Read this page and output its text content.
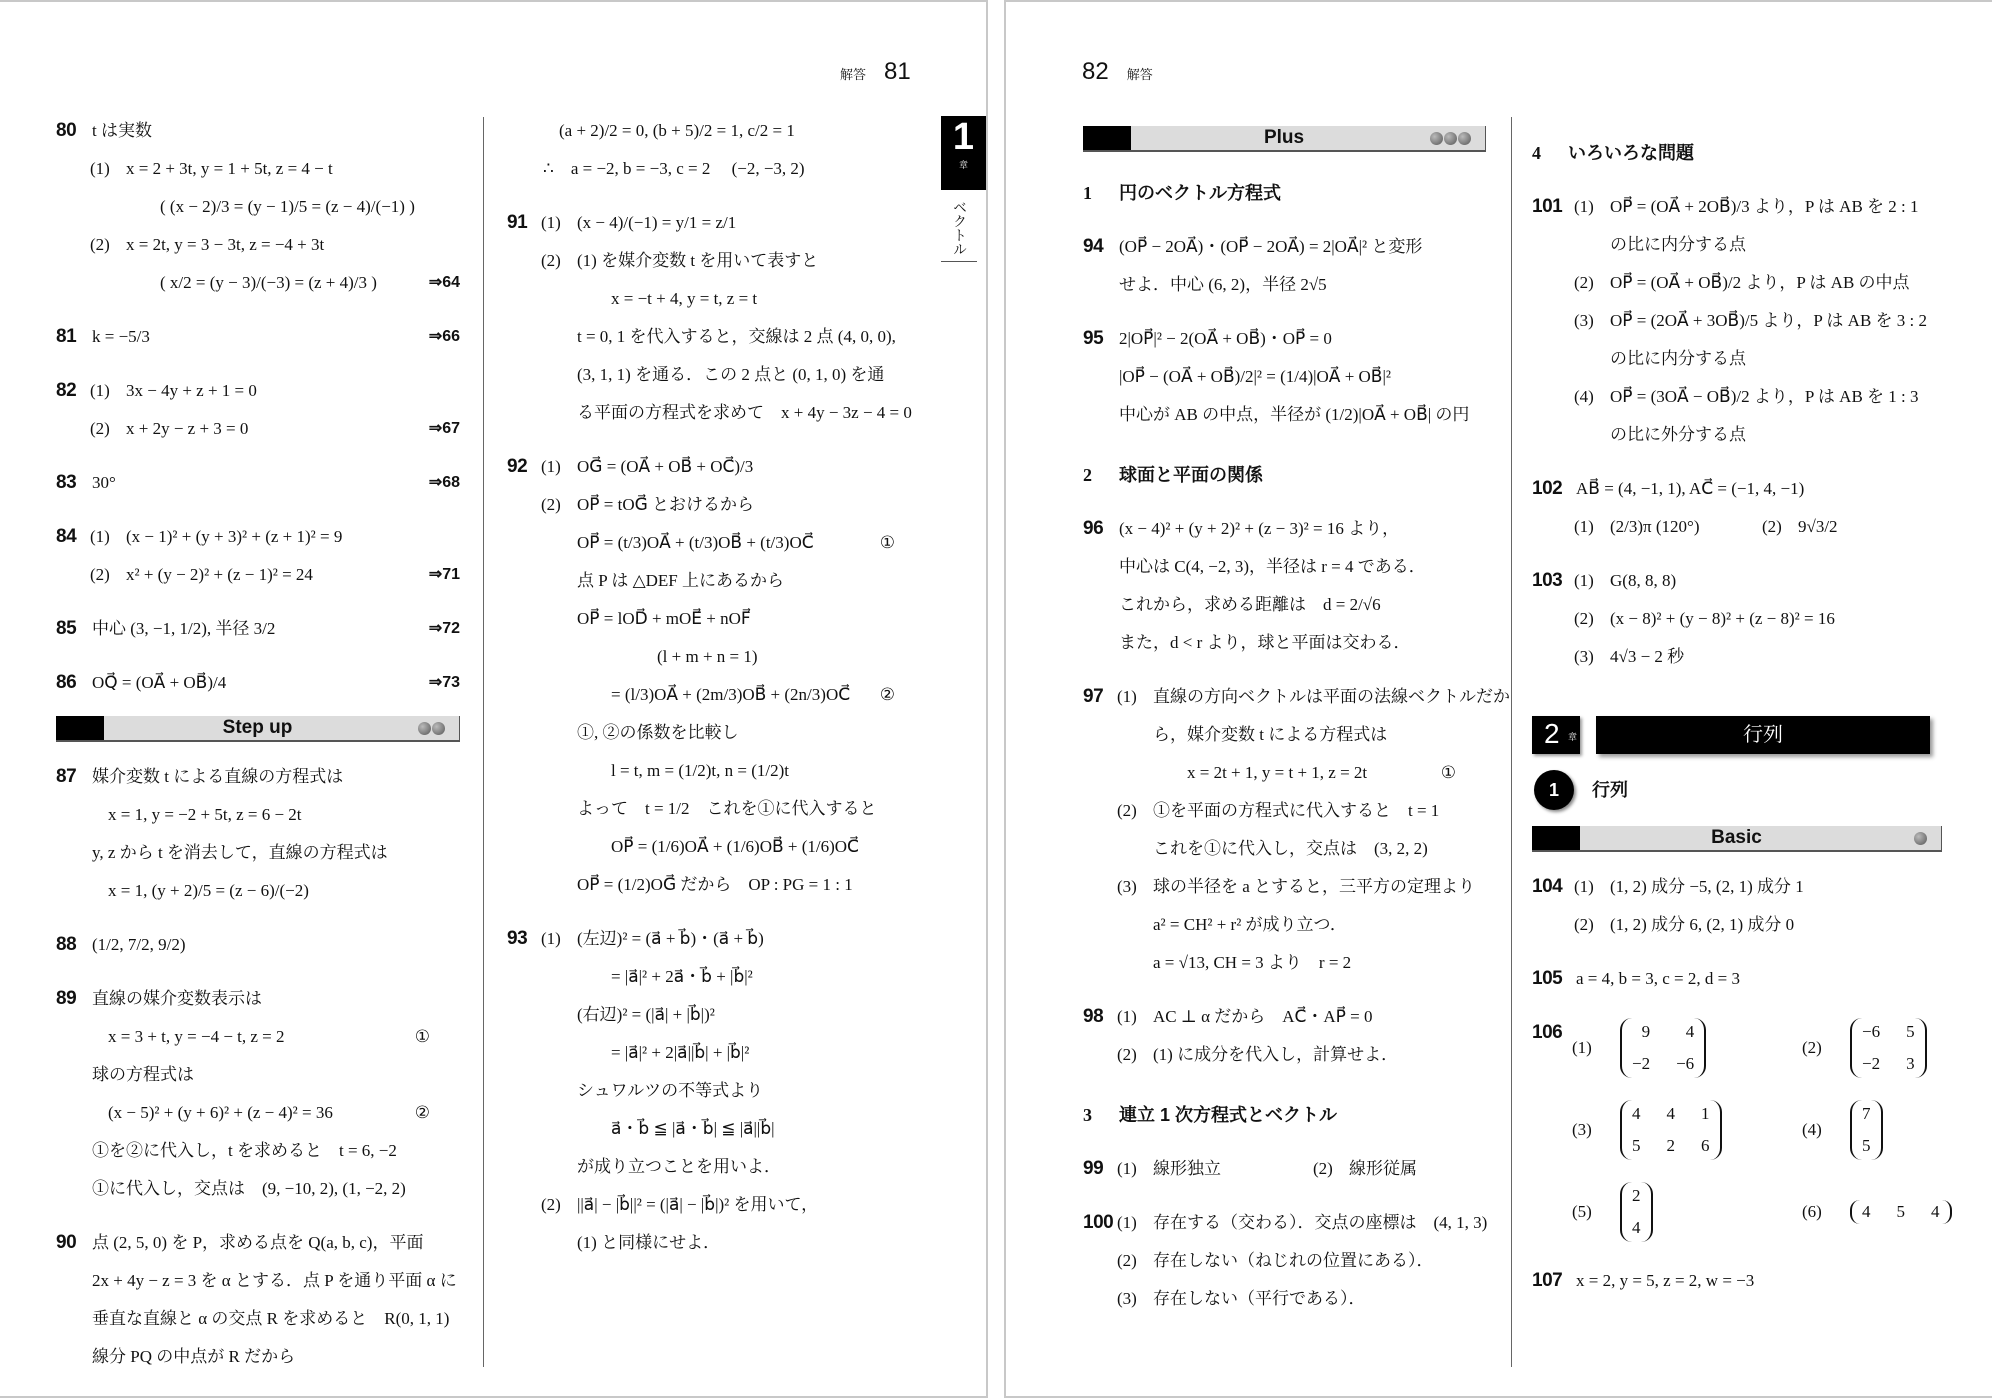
解答 81
1
章
ベクトル
80 t は実数
(1) x = 2 + 3t, y = 1 + 5t, z = 4 − t
( (x − 2)/3 = (y − 1)/5 = (z − 4)/(−1) )
(2) x = 2t, y = 3 − 3t, z = −4 + 3t
( x/2 = (y − 3)/(−3) = (z + 4)/3 )	⇒64
81 k = −5/3	⇒66
82 (1) 3x − 4y + z + 1 = 0
(2) x + 2y − z + 3 = 0	⇒67
83 30°	⇒68
84 (1) (x − 1)² + (y + 3)² + (z + 1)² = 9
(2) x² + (y − 2)² + (z − 1)² = 24	⇒71
85 中心 (3, −1, 1/2), 半径 3/2	⇒72
86 OQ⃗ = (OA⃗ + OB⃗)/4	⇒73
Step up
87 媒介変数 t による直線の方程式は
x = 1, y = −2 + 5t, z = 6 − 2t
y, z から t を消去して，直線の方程式は
x = 1, (y + 2)/5 = (z − 6)/(−2)
88 (1/2, 7/2, 9/2)
89 直線の媒介変数表示は
x = 3 + t, y = −4 − t, z = 2	①
球の方程式は
(x − 5)² + (y + 6)² + (z − 4)² = 36	②
①を②に代入し，t を求めると　t = 6, −2
①に代入し，交点は　(9, −10, 2), (1, −2, 2)
90 点 (2, 5, 0) を P，求める点を Q(a, b, c)，平面
2x + 4y − z = 3 を α とする．点 P を通り平面 α に
垂直な直線と α の交点 R を求めると　R(0, 1, 1)
線分 PQ の中点が R だから
(a + 2)/2 = 0, (b + 5)/2 = 1, c/2 = 1
∴　a = −2, b = −3, c = 2　 (−2, −3, 2)
91 (1) (x − 4)/(−1) = y/1 = z/1
(2) (1) を媒介変数 t を用いて表すと
x = −t + 4, y = t, z = t
t = 0, 1 を代入すると，交線は 2 点 (4, 0, 0),
(3, 1, 1) を通る．この 2 点と (0, 1, 0) を通
る平面の方程式を求めて　x + 4y − 3z − 4 = 0
92 (1) OG⃗ = (OA⃗ + OB⃗ + OC⃗)/3
(2) OP⃗ = tOG⃗ とおけるから
OP⃗ = (t/3)OA⃗ + (t/3)OB⃗ + (t/3)OC⃗	①
点 P は △DEF 上にあるから
OP⃗ = lOD⃗ + mOE⃗ + nOF⃗
(l + m + n = 1)
= (l/3)OA⃗ + (2m/3)OB⃗ + (2n/3)OC⃗ ②
①, ②の係数を比較し
l = t, m = (1/2)t, n = (1/2)t
よって　t = 1/2　これを①に代入すると
OP⃗ = (1/6)OA⃗ + (1/6)OB⃗ + (1/6)OC⃗
OP⃗ = (1/2)OG⃗ だから　OP : PG = 1 : 1
93 (1) (左辺)² = (a⃗ + b⃗)・(a⃗ + b⃗)
= |a⃗|² + 2a⃗・b⃗ + |b⃗|²
(右辺)² = (|a⃗| + |b⃗|)²
= |a⃗|² + 2|a⃗||b⃗| + |b⃗|²
シュワルツの不等式より
a⃗・b⃗ ≦ |a⃗・b⃗| ≦ |a⃗||b⃗|
が成り立つことを用いよ．
(2) ||a⃗| − |b⃗||² = (|a⃗| − |b⃗|)² を用いて，
(1) と同様にせよ．
82 解答
Plus
1 円のベクトル方程式
94 (OP⃗ − 2OA⃗)・(OP⃗ − 2OA⃗) = 2|OA⃗|² と変形
せよ．中心 (6, 2)，半径 2√5
95 2|OP⃗|² − 2(OA⃗ + OB⃗)・OP⃗ = 0
|OP⃗ − (OA⃗ + OB⃗)/2|² = (1/4)|OA⃗ + OB⃗|²
中心が AB の中点，半径が (1/2)|OA⃗ + OB⃗| の円
2 球面と平面の関係
96 (x − 4)² + (y + 2)² + (z − 3)² = 16 より，
中心は C(4, −2, 3)，半径は r = 4 である．
これから，求める距離は　d = 2/√6
また，d < r より，球と平面は交わる．
97 (1) 直線の方向ベクトルは平面の法線ベクトルだか
ら，媒介変数 t による方程式は
x = 2t + 1, y = t + 1, z = 2t	①
(2) ①を平面の方程式に代入すると　t = 1
これを①に代入し，交点は　(3, 2, 2)
(3) 球の半径を a とすると，三平方の定理より
a² = CH² + r² が成り立つ．
a = √13, CH = 3 より　r = 2
98 (1) AC ⊥ α だから　AC⃗・AP⃗ = 0
(2) (1) に成分を代入し，計算せよ．
3 連立 1 次方程式とベクトル
99 (1) 線形独立	(2) 線形従属
100 (1) 存在する（交わる）．交点の座標は　(4, 1, 3)
(2) 存在しない（ねじれの位置にある）．
(3) 存在しない（平行である）．
4 いろいろな問題
101 (1) OP⃗ = (OA⃗ + 2OB⃗)/3 より，P は AB を 2 : 1
の比に内分する点
(2) OP⃗ = (OA⃗ + OB⃗)/2 より，P は AB の中点
(3) OP⃗ = (2OA⃗ + 3OB⃗)/5 より，P は AB を 3 : 2
の比に内分する点
(4) OP⃗ = (3OA⃗ − OB⃗)/2 より，P は AB を 1 : 3
の比に外分する点
102 AB⃗ = (4, −1, 1), AC⃗ = (−1, 4, −1)
(1) (2/3)π (120°)	(2) 9√3/2
103 (1) G(8, 8, 8)
(2) (x − 8)² + (y − 8)² + (z − 8)² = 16
(3) 4√3 − 2 秒
2 章	行列
1	行列
Basic
104 (1) (1, 2) 成分 −5, (2, 1) 成分 1
(2) (1, 2) 成分 6, (2, 1) 成分 0
105 a = 4, b = 3, c = 2, d = 3
106
(1)
9	4
−2 −6
(2)
−6 5
−2 3
(3)
4 4 1
5 2 6
(4)
7
5
(5)
2
4
(6)	4 5 4
107 x = 2, y = 5, z = 2, w = −3
